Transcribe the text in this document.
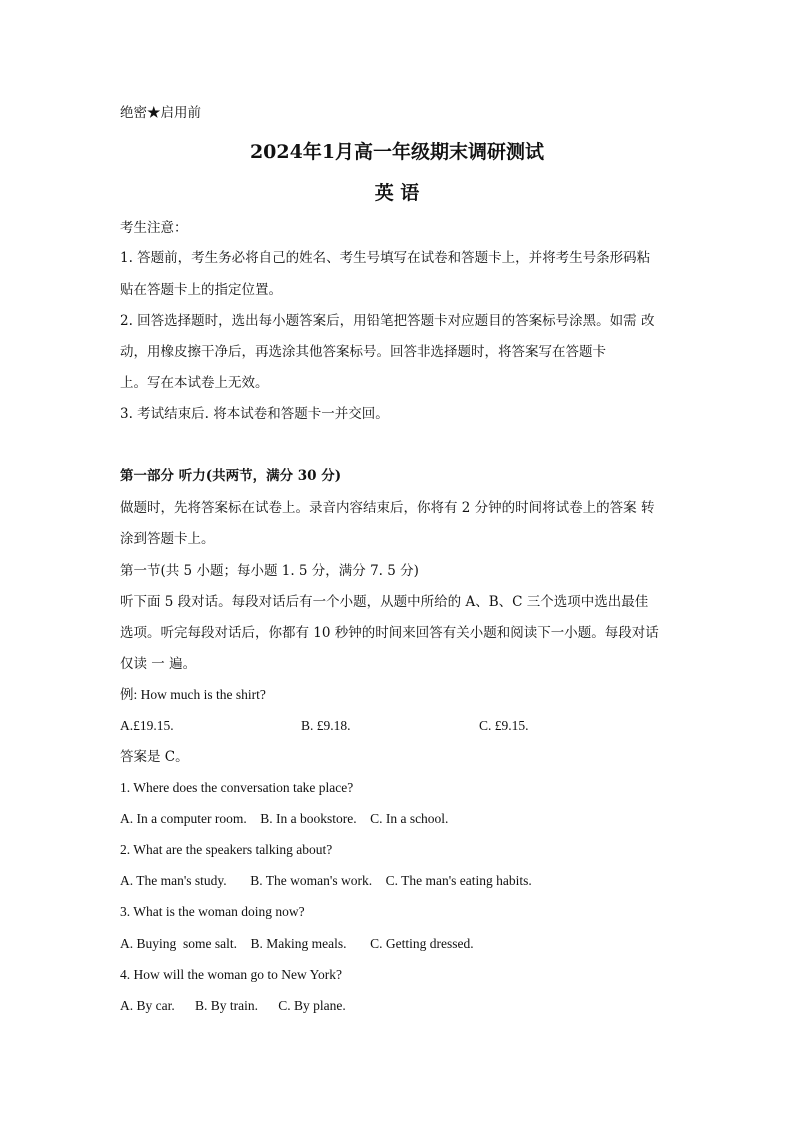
绝密★启用前
2024年1月高一年级期末调研测试
英 语
考生注意：
1. 答题前，考生务必将自己的姓名、考生号填写在试卷和答题卡上，并将考生号条形码粘
贴在答题卡上的指定位置。
2. 回答选择题时，选出每小题答案后，用铅笔把答题卡对应题目的答案标号涂黑。如需 改
动，用橡皮擦干净后，再选涂其他答案标号。回答非选择题时，将答案写在答题卡
上。写在本试卷上无效。
3. 考试结束后. 将本试卷和答题卡一并交回。
第一部分 听力(共两节，满分 30 分)
做题时，先将答案标在试卷上。录音内容结束后，你将有 2 分钟的时间将试卷上的答案 转
涂到答题卡上。
第一节(共 5 小题；每小题 1. 5 分，满分 7. 5 分)
听下面 5 段对话。每段对话后有一个小题，从题中所给的 A、B、C 三个选项中选出最佳
选项。听完每段对话后，你都有 10 秒钟的时间来回答有关小题和阅读下一小题。每段对话
仅读 一 遍。
例: How much is the shirt?
A.£19.15.	B. £9.18.	C. £9.15.
答案是 C。
1. Where does the conversation take place?
A. In a computer room.    B. In a bookstore.    C. In a school.
2. What are the speakers talking about?
A. The man's study.       B. The woman's work.    C. The man's eating habits.
3. What is the woman doing now?
A. Buying  some salt.    B. Making meals.       C. Getting dressed.
4. How will the woman go to New York?
A. By car.      B. By train.      C. By plane.
